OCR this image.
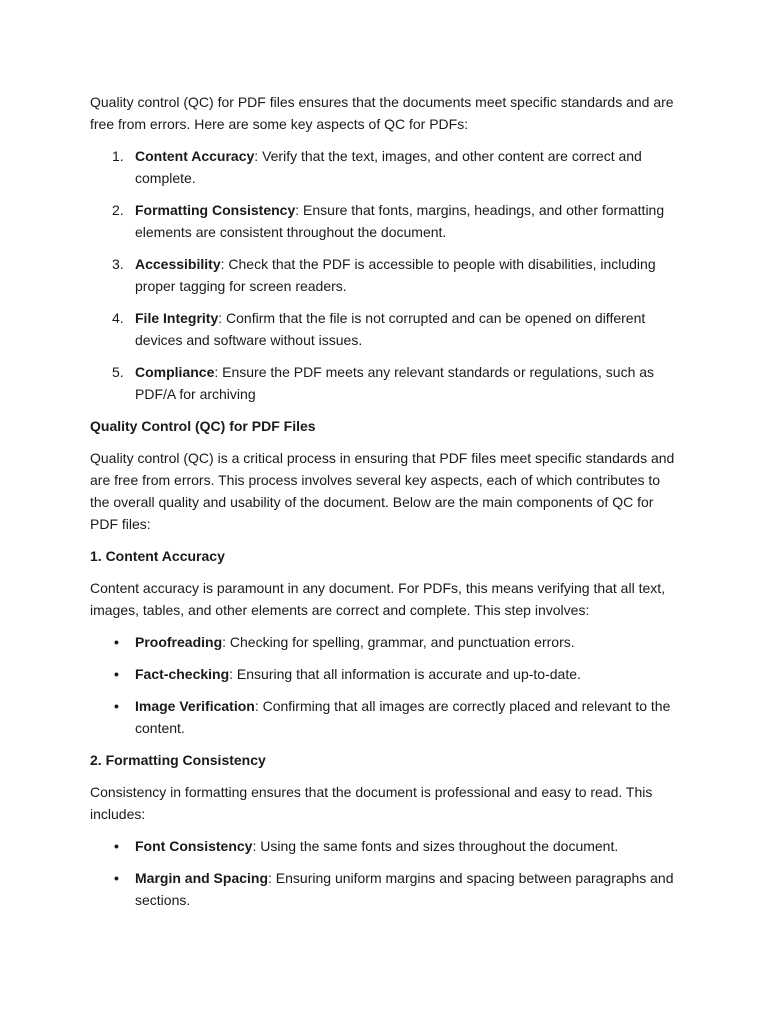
Quality control (QC) for PDF files ensures that the documents meet specific standards and are free from errors. Here are some key aspects of QC for PDFs:

1. Content Accuracy: Verify that the text, images, and other content are correct and complete.
2. Formatting Consistency: Ensure that fonts, margins, headings, and other formatting elements are consistent throughout the document.
3. Accessibility: Check that the PDF is accessible to people with disabilities, including proper tagging for screen readers.
4. File Integrity: Confirm that the file is not corrupted and can be opened on different devices and software without issues.
5. Compliance: Ensure the PDF meets any relevant standards or regulations, such as PDF/A for archiving
Quality Control (QC) for PDF Files

Quality control (QC) is a critical process in ensuring that PDF files meet specific standards and are free from errors. This process involves several key aspects, each of which contributes to the overall quality and usability of the document. Below are the main components of QC for PDF files:

1. Content Accuracy

Content accuracy is paramount in any document. For PDFs, this means verifying that all text, images, tables, and other elements are correct and complete. This step involves:

• Proofreading: Checking for spelling, grammar, and punctuation errors.
• Fact-checking: Ensuring that all information is accurate and up-to-date.
• Image Verification: Confirming that all images are correctly placed and relevant to the content.
2. Formatting Consistency

Consistency in formatting ensures that the document is professional and easy to read. This includes:

• Font Consistency: Using the same fonts and sizes throughout the document.
• Margin and Spacing: Ensuring uniform margins and spacing between paragraphs and sections.
